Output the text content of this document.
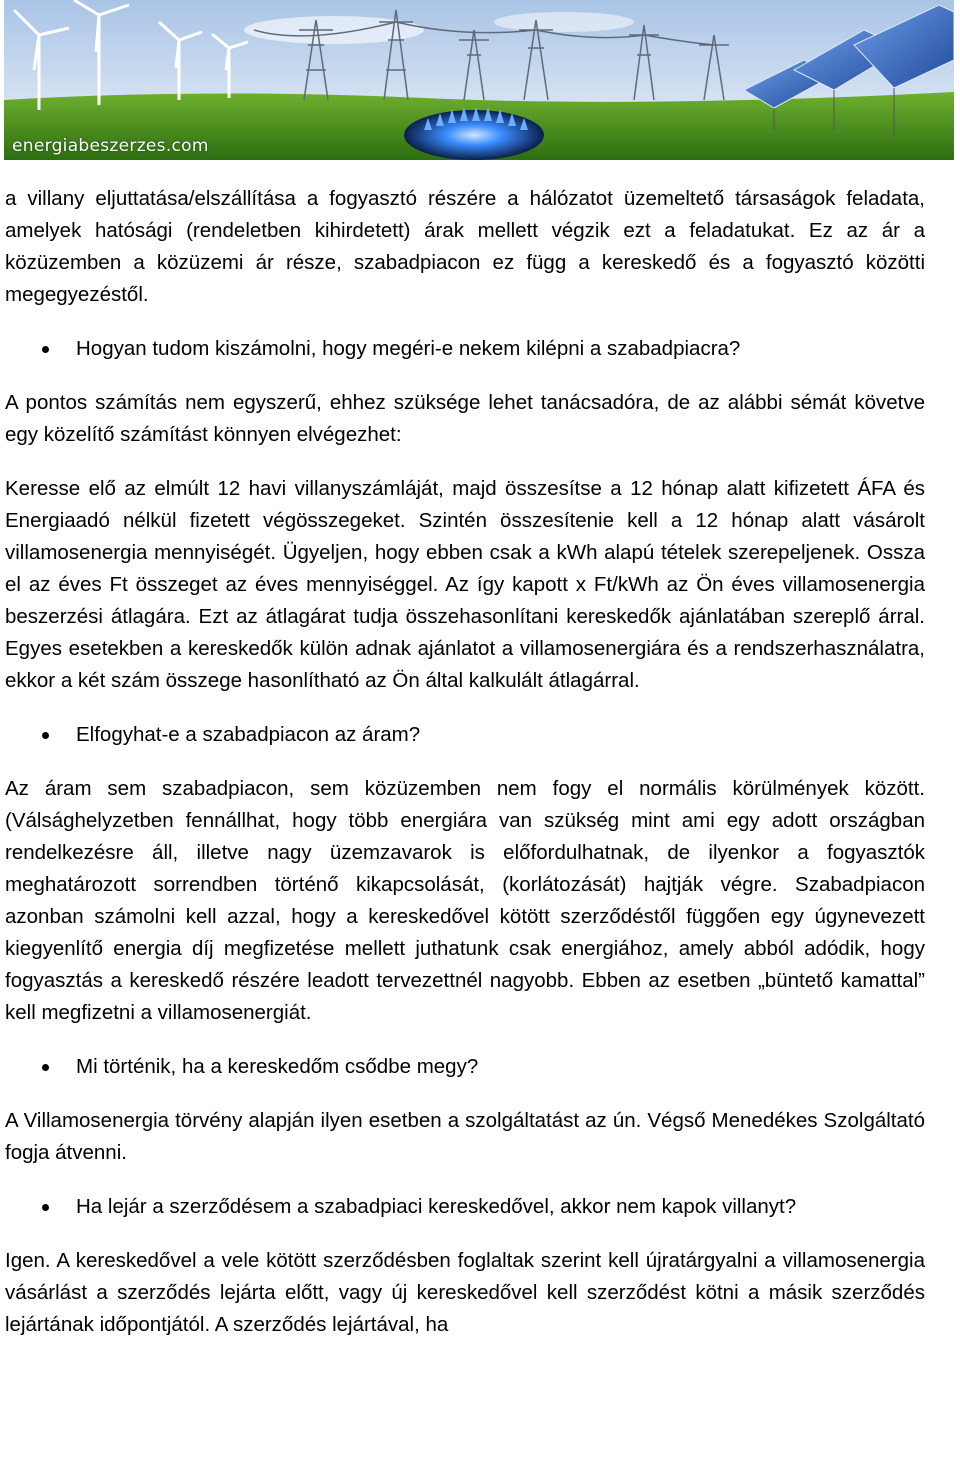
energiabeszerzes.com

a villany eljuttatása/elszállítása a fogyasztó részére a hálózatot üzemeltető társaságok feladata, amelyek hatósági (rendeletben kihirdetett) árak mellett végzik ezt a feladatukat. Ez az ár a közüzemben a közüzemi ár része, szabadpiacon ez függ a kereskedő és a fogyasztó közötti megegyezéstől.

Hogyan tudom kiszámolni, hogy megéri-e nekem kilépni a szabadpiacra?

A pontos számítás nem egyszerű, ehhez szüksége lehet tanácsadóra, de az alábbi sémát követve egy közelítő számítást könnyen elvégezhet:

Keresse elő az elmúlt 12 havi villanyszámláját, majd összesítse a 12 hónap alatt kifizetett ÁFA és Energiaadó nélkül fizetett végösszegeket. Szintén összesítenie kell a 12 hónap alatt vásárolt villamosenergia mennyiségét. Ügyeljen, hogy ebben csak a kWh alapú tételek szerepeljenek. Ossza el az éves Ft összeget az éves mennyiséggel. Az így kapott x Ft/kWh az Ön éves villamosenergia beszerzési átlagára. Ezt az átlagárat tudja összehasonlítani kereskedők ajánlatában szereplő árral. Egyes esetekben a kereskedők külön adnak ajánlatot a villamosenergiára és a rendszerhasználatra, ekkor a két szám összege hasonlítható az Ön által kalkulált átlagárral.

Elfogyhat-e a szabadpiacon az áram?

Az áram sem szabadpiacon, sem közüzemben nem fogy el normális körülmények között. (Válsághelyzetben fennállhat, hogy több energiára van szükség mint ami egy adott országban rendelkezésre áll, illetve nagy üzemzavarok is előfordulhatnak, de ilyenkor a fogyasztók meghatározott sorrendben történő kikapcsolását, (korlátozását) hajtják végre. Szabadpiacon azonban számolni kell azzal, hogy a kereskedővel kötött szerződéstől függően egy úgynevezett kiegyenlítő energia díj megfizetése mellett juthatunk csak energiához, amely abból adódik, hogy fogyasztás a kereskedő részére leadott tervezettnél nagyobb. Ebben az esetben „büntető kamattal” kell megfizetni a villamosenergiát.

Mi történik, ha a kereskedőm csődbe megy?

A Villamosenergia törvény alapján ilyen esetben a szolgáltatást az ún. Végső Menedékes Szolgáltató fogja átvenni.

Ha lejár a szerződésem a szabadpiaci kereskedővel, akkor nem kapok villanyt?

Igen. A kereskedővel a vele kötött szerződésben foglaltak szerint kell újratárgyalni a villamosenergia vásárlást a szerződés lejárta előtt, vagy új kereskedővel kell szerződést kötni a másik szerződés lejártának időpontjától. A szerződés lejártával, ha
